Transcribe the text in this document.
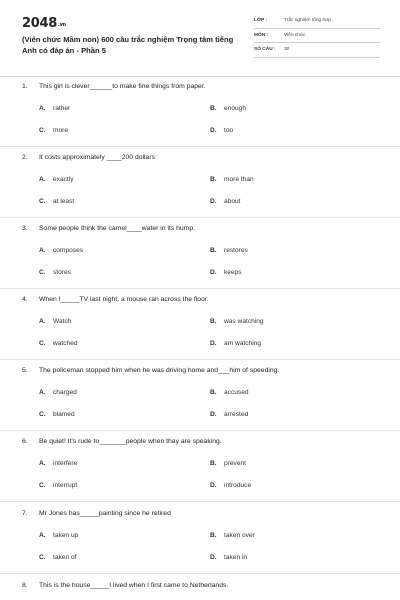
2048.vn
(Viên chức Mầm non) 600 câu trắc nghiệm Trọng tâm tiếng Anh có đáp án - Phần 5
LỚP :	Trắc nghiệm tổng hợp
MÔN :	Viên chức
SỐ CÂU : 30
1. This girl is clever______to make fine things from paper.
A. rather	B. enough
C. more	D. too
2. It costs approximately ____200 dollars
A. exactly	B. more than
C. at least	D. about
3. Some people think the camel____water in its hump.
A. composes	B. restores
C. stores	D. keeps
4. When I_____TV last night, a mouse ran across the floor.
A. Watch	B. was watching
C. watched	D. am watching
5. The policeman stopped him when he was driving home and___him of speeding.
A. charged	B. accused
C. blamed	D. arrested
6. Be quiet! It's rude to_______people when thay are speaking.
A. interfere	B. prevent
C. interrupt	D. introduce
7. Mr Jones has_____painting since he retired
A. taken up	B. taken over
C. taken of	D. taken in
8. This is the house_____I lived when I first came to Netherlands.
